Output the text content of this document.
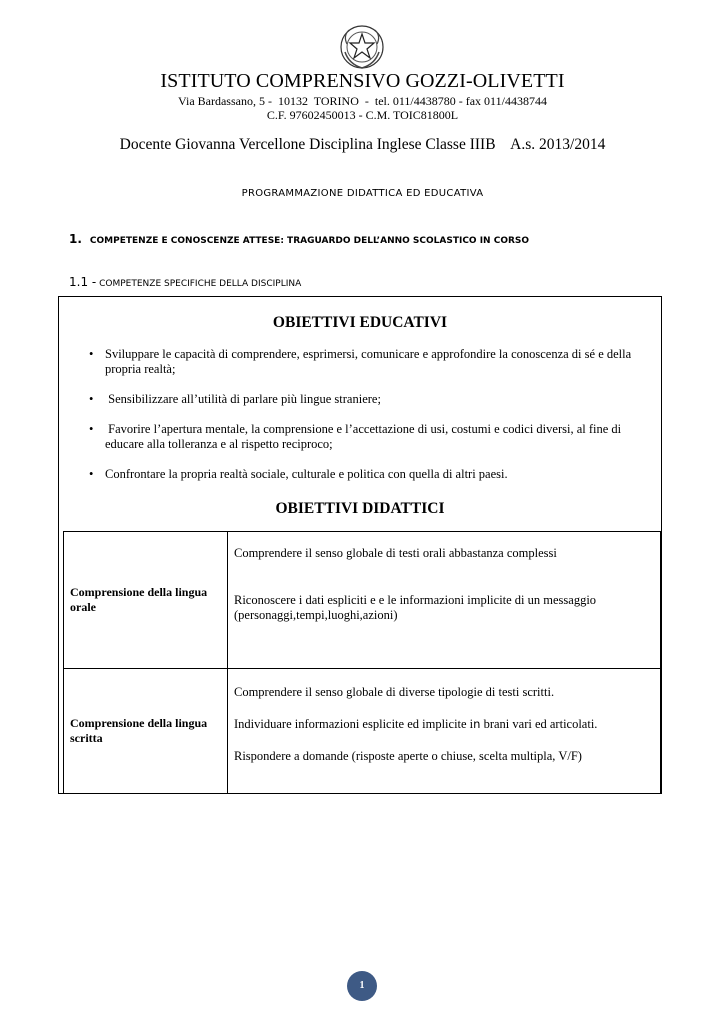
ISTITUTO COMPRENSIVO GOZZI-OLIVETTI
Via Bardassano, 5 -  10132  TORINO  -  tel. 011/4438780 - fax 011/4438744
C.F. 97602450013 - C.M. TOIC81800L
Docente Giovanna Vercellone Disciplina Inglese Classe IIIB    A.s. 2013/2014
PROGRAMMAZIONE DIDATTICA ED EDUCATIVA
1. COMPETENZE E CONOSCENZE ATTESE: TRAGUARDO DELL’ANNO SCOLASTICO IN CORSO
1.1 - COMPETENZE SPECIFICHE DELLA DISCIPLINA
OBIETTIVI EDUCATIVI
• Sviluppare le capacità di comprendere, esprimersi, comunicare e approfondire la conoscenza di sé e della propria realtà;
• Sensibilizzare all’utilità di parlare più lingue straniere;
• Favorire l’apertura mentale, la comprensione e l’accettazione di usi, costumi e codici diversi, al fine di educare alla tolleranza e al rispetto reciproco;
• Confrontare la propria realtà sociale, culturale e politica con quella di altri paesi.
OBIETTIVI DIDATTICI
Comprensione della lingua orale	Comprendere il senso globale di testi orali abbastanza complessi

Riconoscere i dati espliciti e e le informazioni implicite di un messaggio (personaggi,tempi,luoghi,azioni)

Comprensione della lingua scritta	Comprendere il senso globale di diverse tipologie di testi scritti.

Individuare informazioni esplicite ed implicite in brani vari ed articolati.

Rispondere a domande (risposte aperte o chiuse, scelta multipla, V/F)

1
